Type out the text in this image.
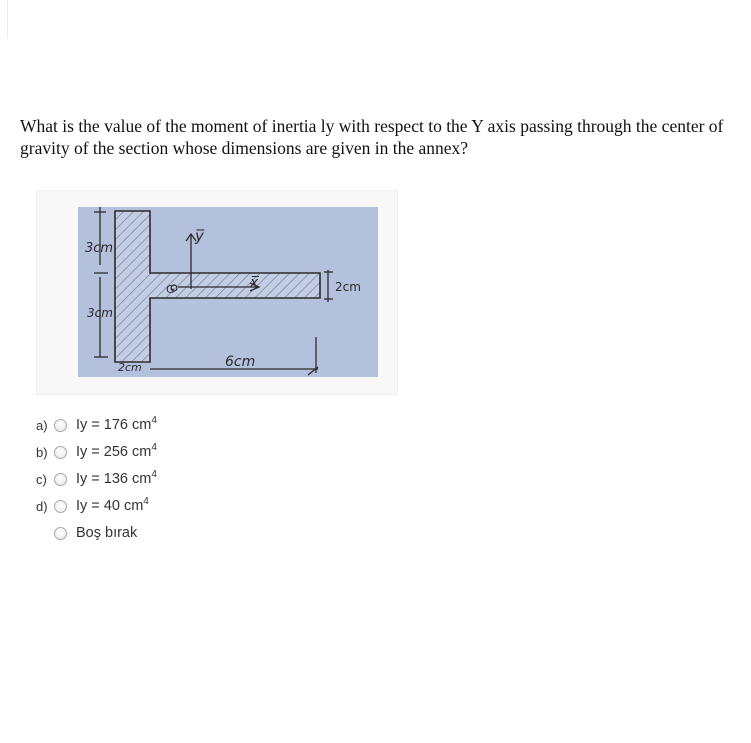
What is the value of the moment of inertia ly with respect to the Y axis passing through the center of gravity of the section whose dimensions are given in the annex?
3cm
3cm
y̅
G	x̅	2cm
2cm	6cm
a)	Iy = 176 $cm^4$
b)	Iy = 256 $cm^4$
c)	Iy = 136 $cm^4$
d)	Iy = 40 $cm^4$
Boş bırak
